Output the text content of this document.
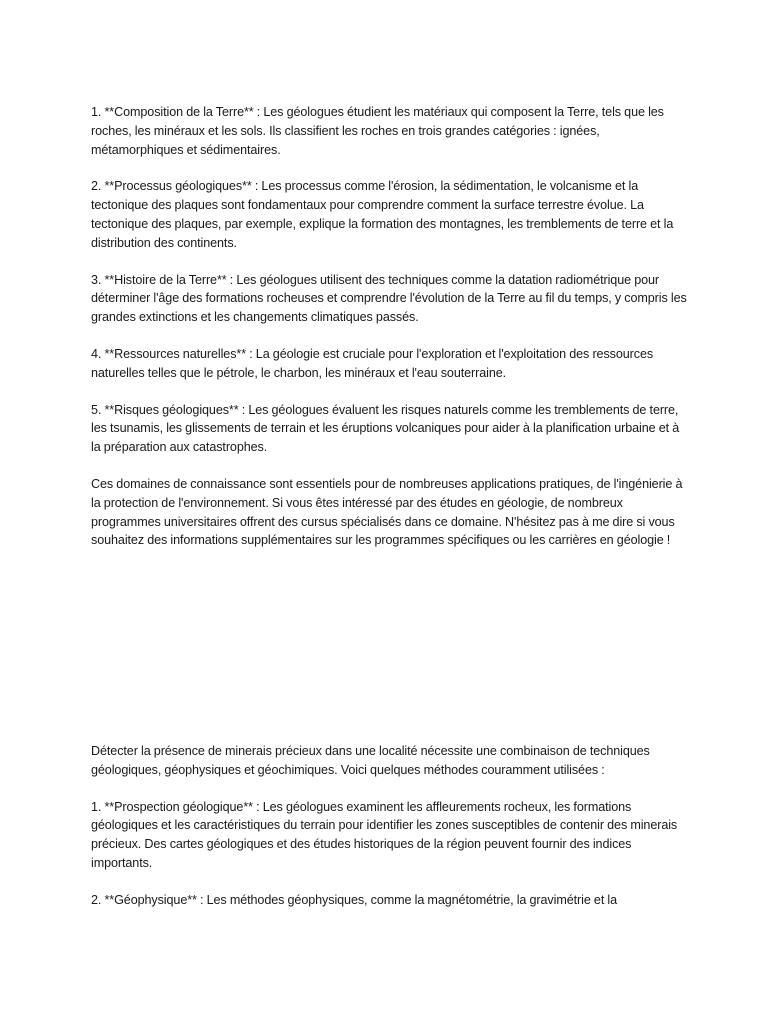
1. **Composition de la Terre** : Les géologues étudient les matériaux qui composent la Terre, tels que les roches, les minéraux et les sols. Ils classifient les roches en trois grandes catégories : ignées, métamorphiques et sédimentaires.

2. **Processus géologiques** : Les processus comme l'érosion, la sédimentation, le volcanisme et la tectonique des plaques sont fondamentaux pour comprendre comment la surface terrestre évolue. La tectonique des plaques, par exemple, explique la formation des montagnes, les tremblements de terre et la distribution des continents.

3. **Histoire de la Terre** : Les géologues utilisent des techniques comme la datation radiométrique pour déterminer l'âge des formations rocheuses et comprendre l'évolution de la Terre au fil du temps, y compris les grandes extinctions et les changements climatiques passés.

4. **Ressources naturelles** : La géologie est cruciale pour l'exploration et l'exploitation des ressources naturelles telles que le pétrole, le charbon, les minéraux et l'eau souterraine.

5. **Risques géologiques** : Les géologues évaluent les risques naturels comme les tremblements de terre, les tsunamis, les glissements de terrain et les éruptions volcaniques pour aider à la planification urbaine et à la préparation aux catastrophes.

Ces domaines de connaissance sont essentiels pour de nombreuses applications pratiques, de l'ingénierie à la protection de l'environnement. Si vous êtes intéressé par des études en géologie, de nombreux programmes universitaires offrent des cursus spécialisés dans ce domaine. N'hésitez pas à me dire si vous souhaitez des informations supplémentaires sur les programmes spécifiques ou les carrières en géologie !

Détecter la présence de minerais précieux dans une localité nécessite une combinaison de techniques géologiques, géophysiques et géochimiques. Voici quelques méthodes couramment utilisées :

1. **Prospection géologique** : Les géologues examinent les affleurements rocheux, les formations géologiques et les caractéristiques du terrain pour identifier les zones susceptibles de contenir des minerais précieux. Des cartes géologiques et des études historiques de la région peuvent fournir des indices importants.

2. **Géophysique** : Les méthodes géophysiques, comme la magnétométrie, la gravimétrie et la
